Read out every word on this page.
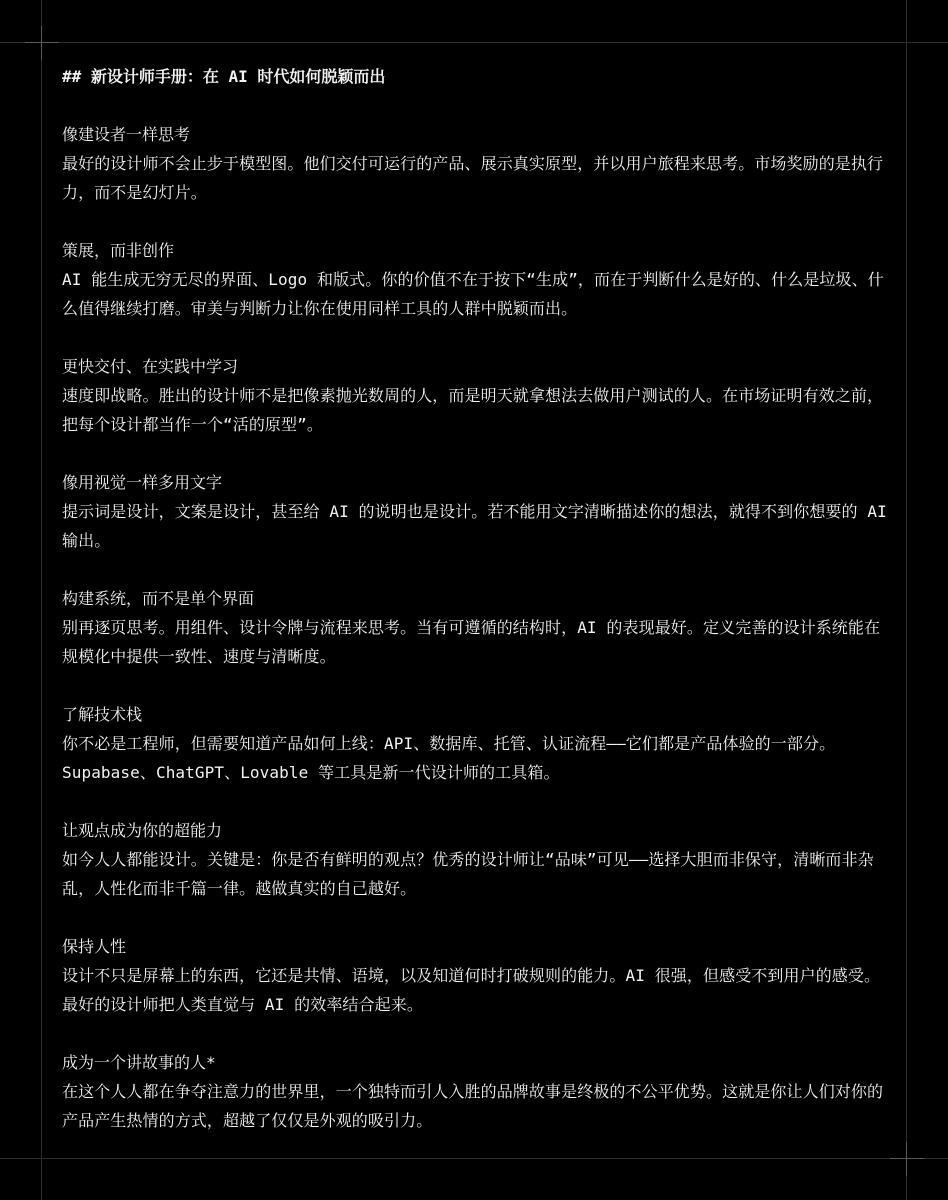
## 新设计师手册：在 AI 时代如何脱颖而出
像建设者一样思考
最好的设计师不会止步于模型图。他们交付可运行的产品、展示真实原型，并以用户旅程来思考。市场奖励的是执行力，而不是幻灯片。
策展，而非创作
AI 能生成无穷无尽的界面、Logo 和版式。你的价值不在于按下“生成”，而在于判断什么是好的、什么是垃圾、什么值得继续打磨。审美与判断力让你在使用同样工具的人群中脱颖而出。
更快交付、在实践中学习
速度即战略。胜出的设计师不是把像素抛光数周的人，而是明天就拿想法去做用户测试的人。在市场证明有效之前，把每个设计都当作一个“活的原型”。
像用视觉一样多用文字
提示词是设计，文案是设计，甚至给 AI 的说明也是设计。若不能用文字清晰描述你的想法，就得不到你想要的 AI 输出。
构建系统，而不是单个界面
别再逐页思考。用组件、设计令牌与流程来思考。当有可遵循的结构时，AI 的表现最好。定义完善的设计系统能在规模化中提供一致性、速度与清晰度。
了解技术栈
你不必是工程师，但需要知道产品如何上线：API、数据库、托管、认证流程——它们都是产品体验的一部分。Supabase、ChatGPT、Lovable 等工具是新一代设计师的工具箱。
让观点成为你的超能力
如今人人都能设计。关键是：你是否有鲜明的观点？优秀的设计师让“品味”可见——选择大胆而非保守，清晰而非杂乱，人性化而非千篇一律。越做真实的自己越好。
保持人性
设计不只是屏幕上的东西，它还是共情、语境，以及知道何时打破规则的能力。AI 很强，但感受不到用户的感受。最好的设计师把人类直觉与 AI 的效率结合起来。
成为一个讲故事的人*
在这个人人都在争夺注意力的世界里，一个独特而引人入胜的品牌故事是终极的不公平优势。这就是你让人们对你的产品产生热情的方式，超越了仅仅是外观的吸引力。
